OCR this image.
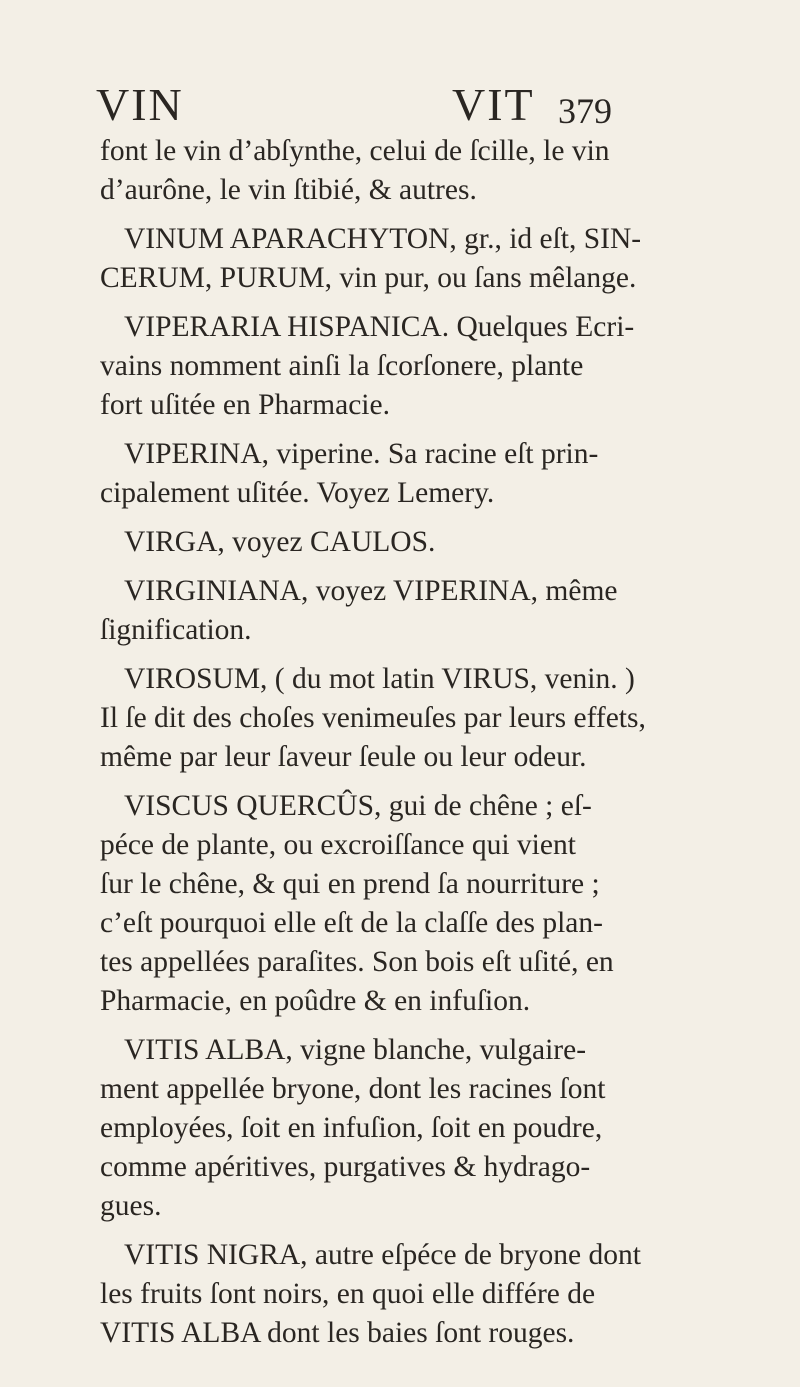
VIN	VIT 379
font le vin d’abſynthe, celui de ſcille, le vin
d’aurône, le vin ſtibié, & autres.
VINUM APARACHYTON, gr., id eſt, SIN-
CERUM, PURUM, vin pur, ou ſans mêlange.
VIPERARIA HISPANICA. Quelques Ecri-
vains nomment ainſi la ſcorſonere, plante
fort uſitée en Pharmacie.
VIPERINA, viperine. Sa racine eſt prin-
cipalement uſitée. Voyez Lemery.
VIRGA, voyez CAULOS.
VIRGINIANA, voyez VIPERINA, même
ſignification.
VIROSUM, ( du mot latin VIRUS, venin. )
Il ſe dit des choſes venimeuſes par leurs effets,
même par leur ſaveur ſeule ou leur odeur.
VISCUS QUERCÛS, gui de chêne ; eſ-
péce de plante, ou excroiſſance qui vient
ſur le chêne, & qui en prend ſa nourriture ;
c’eſt pourquoi elle eſt de la claſſe des plan-
tes appellées paraſites. Son bois eſt uſité, en
Pharmacie, en poûdre & en infuſion.
VITIS ALBA, vigne blanche, vulgaire-
ment appellée bryone, dont les racines ſont
employées, ſoit en infuſion, ſoit en poudre,
comme apéritives, purgatives & hydrago-
gues.
VITIS NIGRA, autre eſpéce de bryone dont
les fruits ſont noirs, en quoi elle différe de
VITIS ALBA dont les baies ſont rouges.
